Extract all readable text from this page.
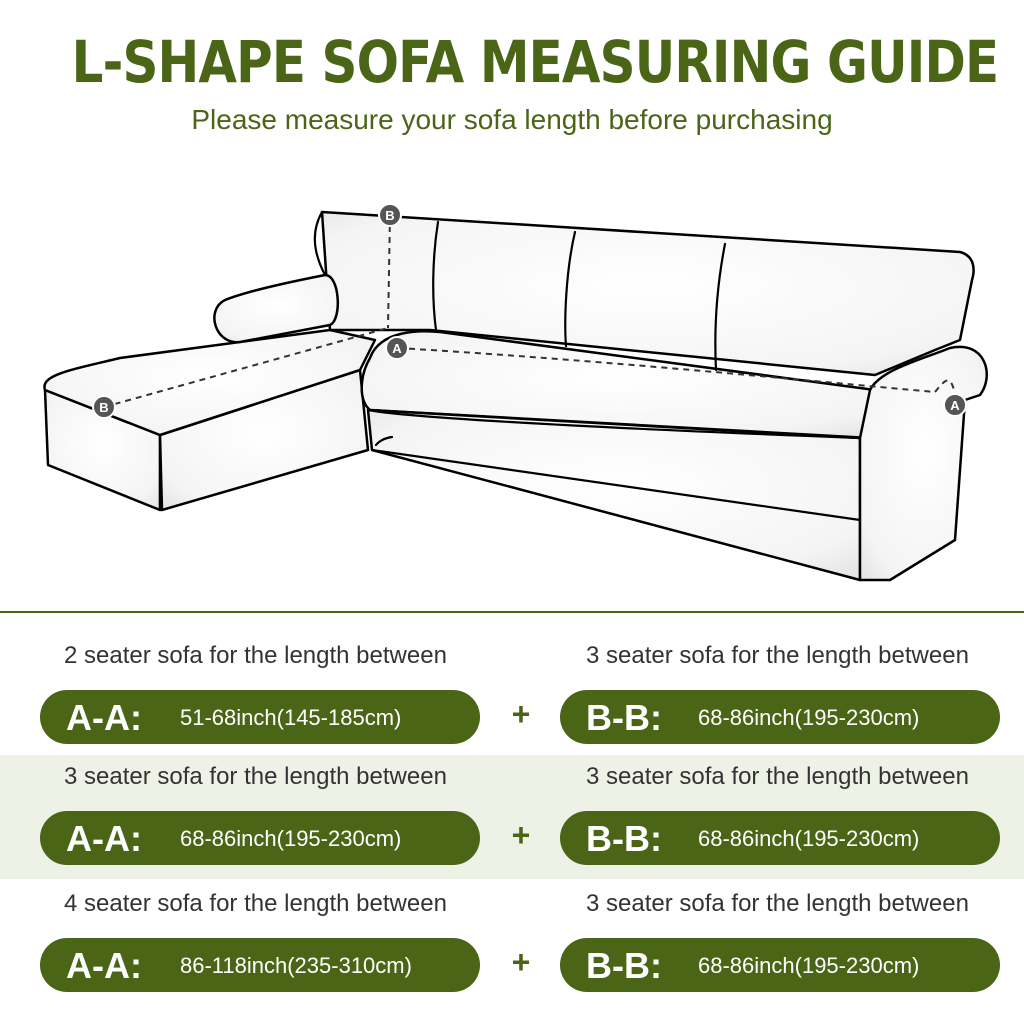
L-SHAPE SOFA MEASURING GUIDE
Please measure your sofa length before purchasing
B
A
B	A
2 seater sofa for the length between	3 seater sofa for the length between
A-A: 51-68inch(145-185cm)	+ B-B: 68-86inch(195-230cm)
3 seater sofa for the length between	3 seater sofa for the length between
A-A: 68-86inch(195-230cm)	+ B-B: 68-86inch(195-230cm)
4 seater sofa for the length between	3 seater sofa for the length between
A-A: 86-118inch(235-310cm)	+ B-B: 68-86inch(195-230cm)
